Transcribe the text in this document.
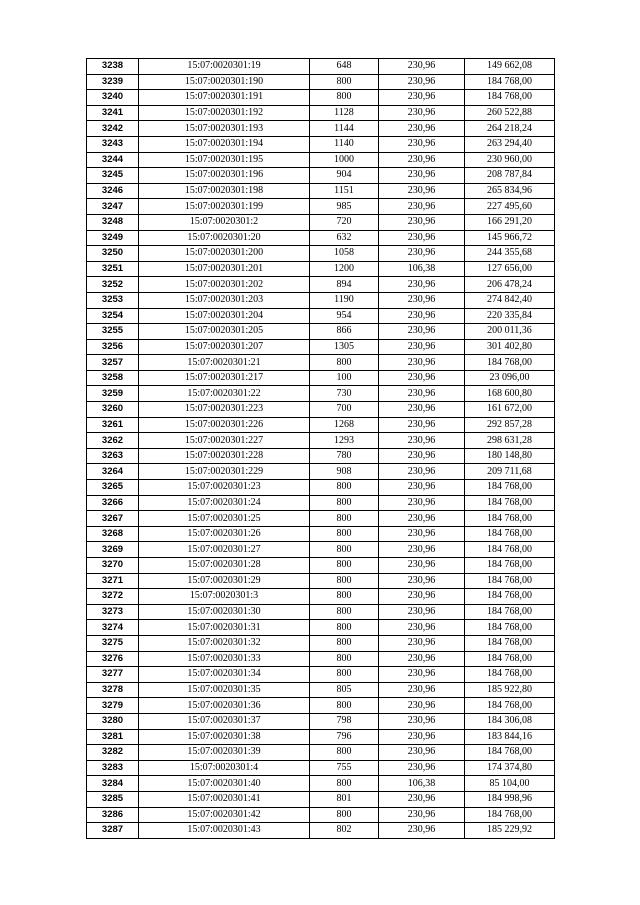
3238	15:07:0020301:19	648	230,96	149 662,08
3239	15:07:0020301:190	800	230,96	184 768,00
3240	15:07:0020301:191	800	230,96	184 768,00
3241	15:07:0020301:192	1128	230,96	260 522,88
3242	15:07:0020301:193	1144	230,96	264 218,24
3243	15:07:0020301:194	1140	230,96	263 294,40
3244	15:07:0020301:195	1000	230,96	230 960,00
3245	15:07:0020301:196	904	230,96	208 787,84
3246	15:07:0020301:198	1151	230,96	265 834,96
3247	15:07:0020301:199	985	230,96	227 495,60
3248	15:07:0020301:2	720	230,96	166 291,20
3249	15:07:0020301:20	632	230,96	145 966,72
3250	15:07:0020301:200	1058	230,96	244 355,68
3251	15:07:0020301:201	1200	106,38	127 656,00
3252	15:07:0020301:202	894	230,96	206 478,24
3253	15:07:0020301:203	1190	230,96	274 842,40
3254	15:07:0020301:204	954	230,96	220 335,84
3255	15:07:0020301:205	866	230,96	200 011,36
3256	15:07:0020301:207	1305	230,96	301 402,80
3257	15:07:0020301:21	800	230,96	184 768,00
3258	15:07:0020301:217	100	230,96	23 096,00
3259	15:07:0020301:22	730	230,96	168 600,80
3260	15:07:0020301:223	700	230,96	161 672,00
3261	15:07:0020301:226	1268	230,96	292 857,28
3262	15:07:0020301:227	1293	230,96	298 631,28
3263	15:07:0020301:228	780	230,96	180 148,80
3264	15:07:0020301:229	908	230,96	209 711,68
3265	15:07:0020301:23	800	230,96	184 768,00
3266	15:07:0020301:24	800	230,96	184 768,00
3267	15:07:0020301:25	800	230,96	184 768,00
3268	15:07:0020301:26	800	230,96	184 768,00
3269	15:07:0020301:27	800	230,96	184 768,00
3270	15:07:0020301:28	800	230,96	184 768,00
3271	15:07:0020301:29	800	230,96	184 768,00
3272	15:07:0020301:3	800	230,96	184 768,00
3273	15:07:0020301:30	800	230,96	184 768,00
3274	15:07:0020301:31	800	230,96	184 768,00
3275	15:07:0020301:32	800	230,96	184 768,00
3276	15:07:0020301:33	800	230,96	184 768,00
3277	15:07:0020301:34	800	230,96	184 768,00
3278	15:07:0020301:35	805	230,96	185 922,80
3279	15:07:0020301:36	800	230,96	184 768,00
3280	15:07:0020301:37	798	230,96	184 306,08
3281	15:07:0020301:38	796	230,96	183 844,16
3282	15:07:0020301:39	800	230,96	184 768,00
3283	15:07:0020301:4	755	230,96	174 374,80
3284	15:07:0020301:40	800	106,38	85 104,00
3285	15:07:0020301:41	801	230,96	184 998,96
3286	15:07:0020301:42	800	230,96	184 768,00
3287	15:07:0020301:43	802	230,96	185 229,92
